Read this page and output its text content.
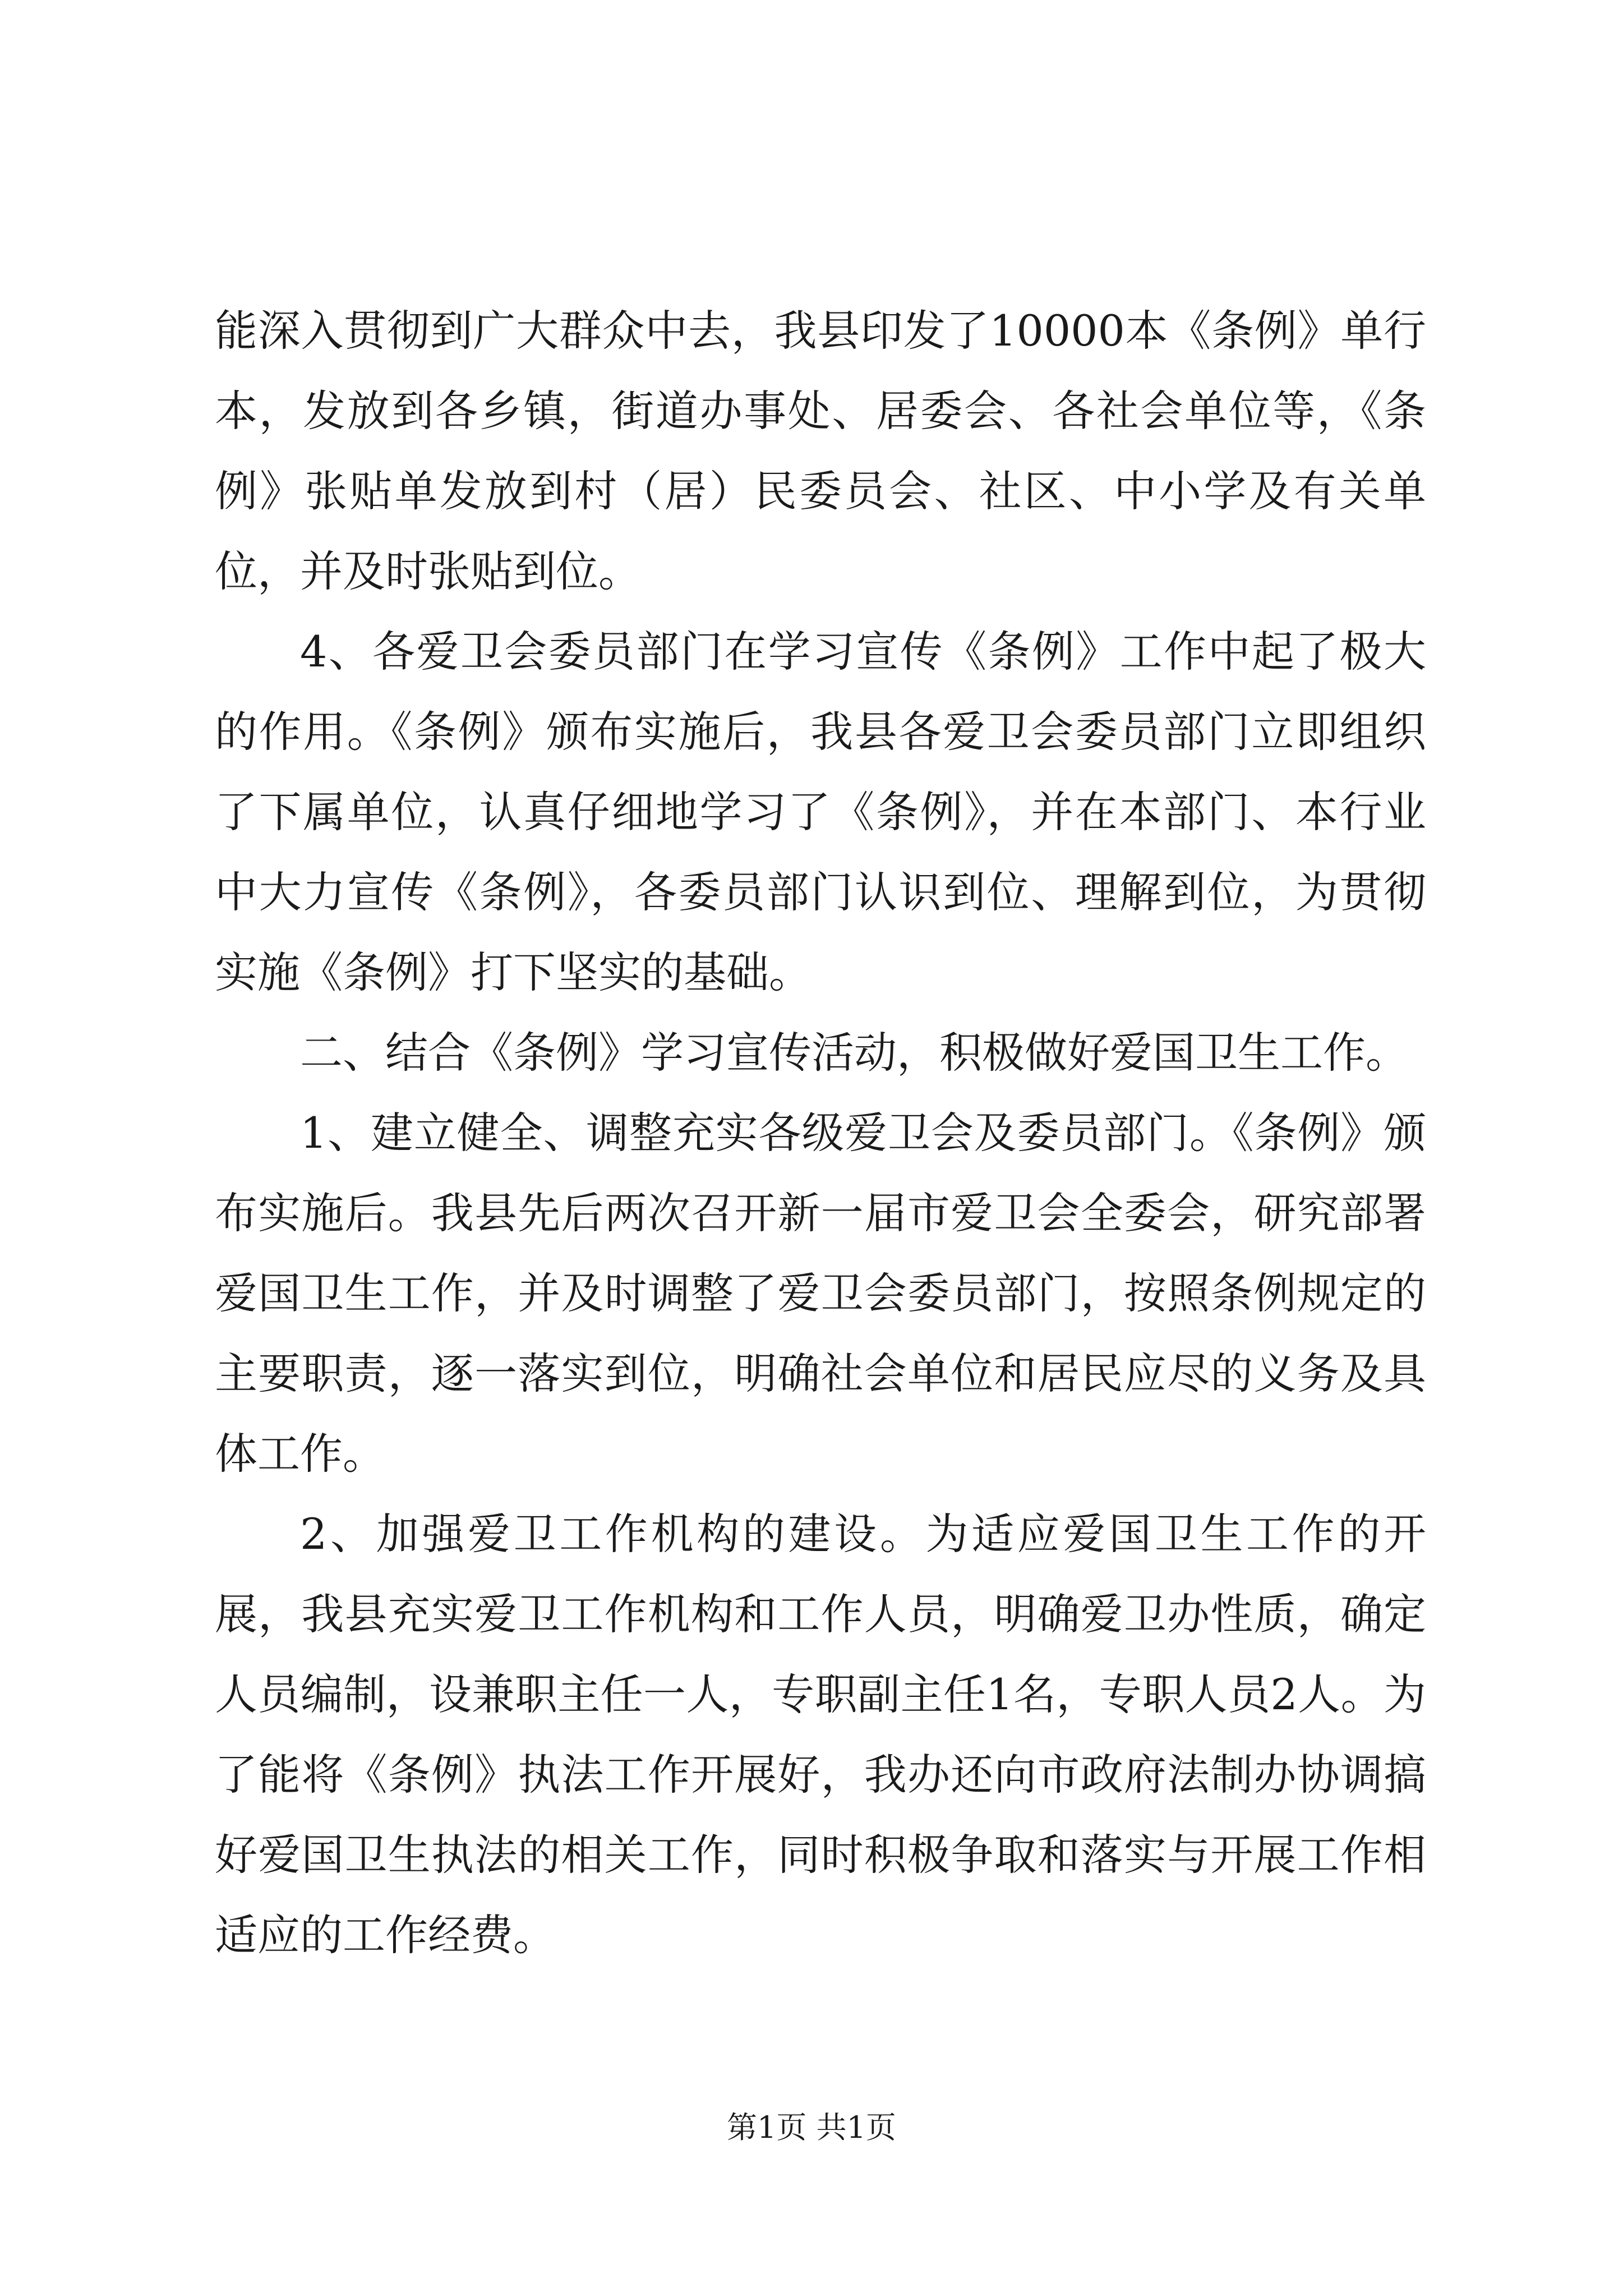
能深入贯彻到广大群众中去，我县印发了10000本《条例》单行本，发放到各乡镇，街道办事处、居委会、各社会单位等，《条例》张贴单发放到村（居）民委员会、社区、中小学及有关单位，并及时张贴到位。

4、各爱卫会委员部门在学习宣传《条例》工作中起了极大的作用。《条例》颁布实施后，我县各爱卫会委员部门立即组织了下属单位，认真仔细地学习了《条例》，并在本部门、本行业中大力宣传《条例》，各委员部门认识到位、理解到位，为贯彻实施《条例》打下坚实的基础。

二、结合《条例》学习宣传活动，积极做好爱国卫生工作。

1、建立健全、调整充实各级爱卫会及委员部门。《条例》颁布实施后。我县先后两次召开新一届市爱卫会全委会，研究部署爱国卫生工作，并及时调整了爱卫会委员部门，按照条例规定的主要职责，逐一落实到位，明确社会单位和居民应尽的义务及具体工作。

2、加强爱卫工作机构的建设。为适应爱国卫生工作的开展，我县充实爱卫工作机构和工作人员，明确爱卫办性质，确定人员编制，设兼职主任一人，专职副主任1名，专职人员2人。为了能将《条例》执法工作开展好，我办还向市政府法制办协调搞好爱国卫生执法的相关工作，同时积极争取和落实与开展工作相适应的工作经费。

第1页 共1页
